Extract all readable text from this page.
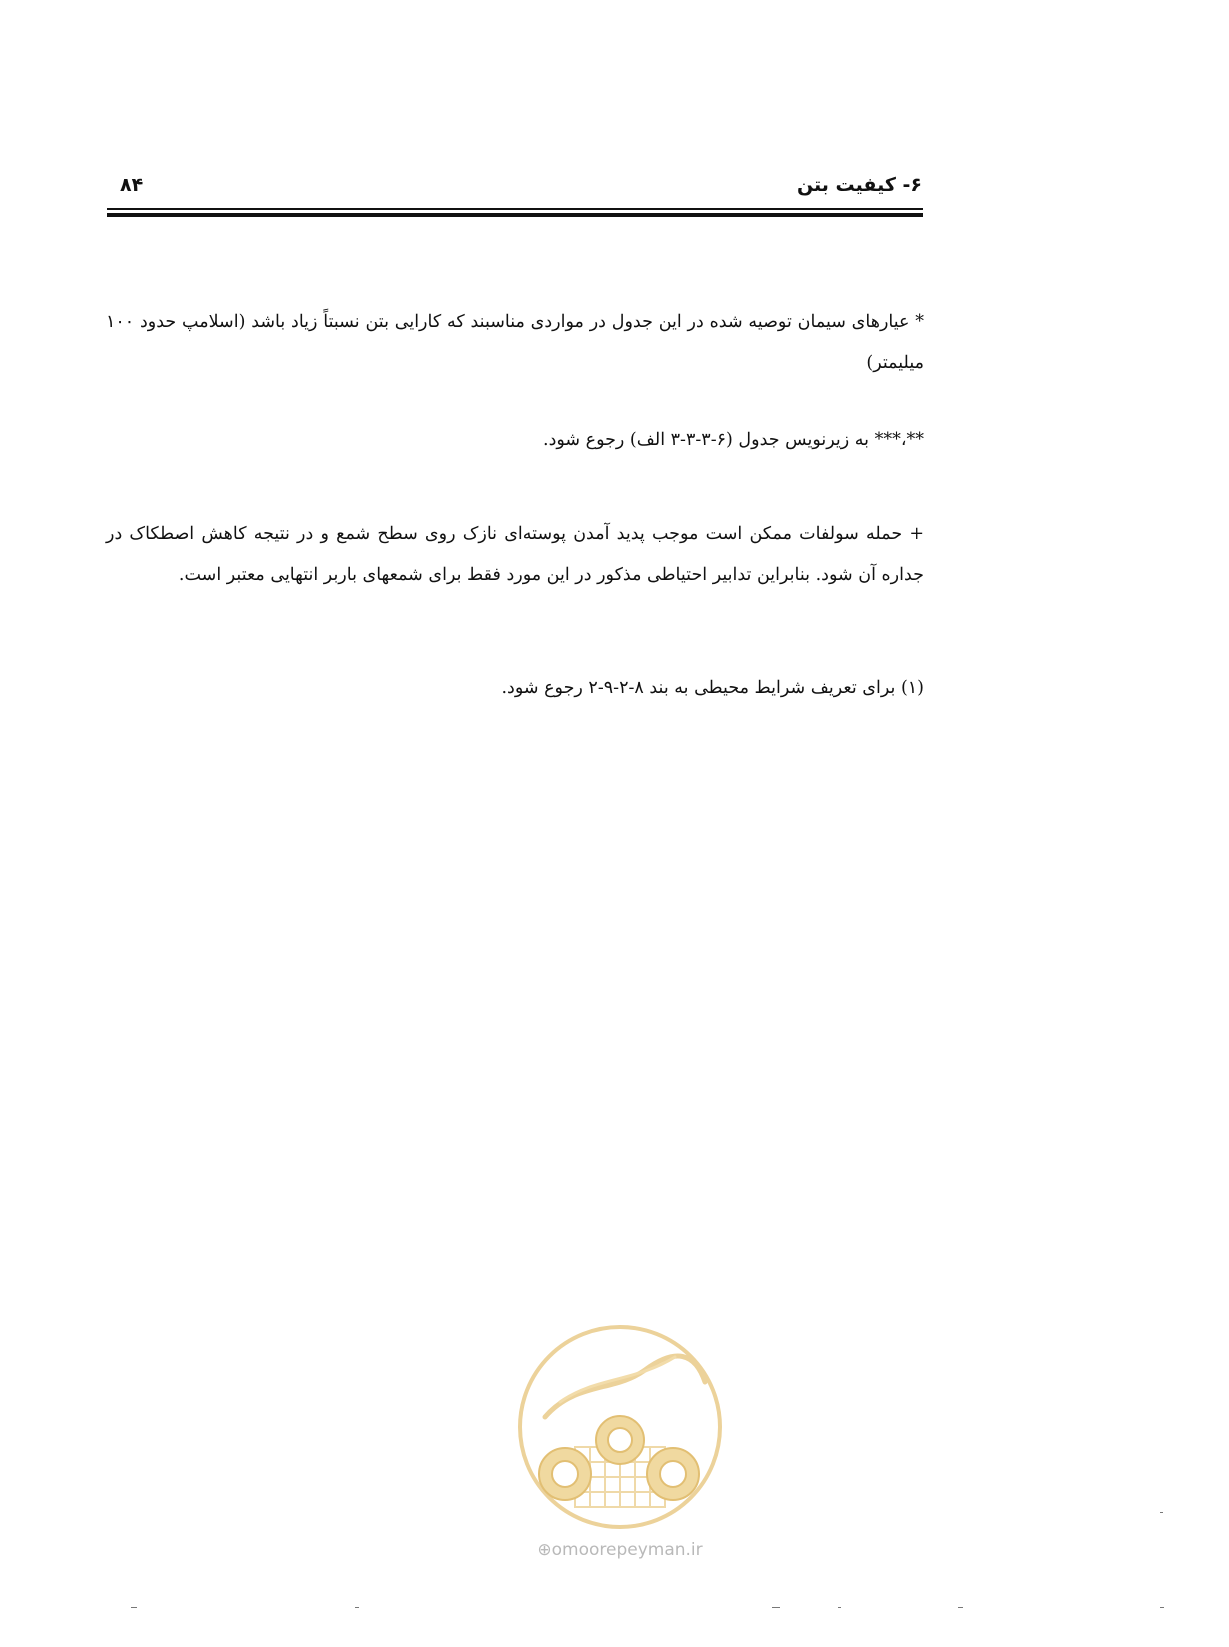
۶- کیفیت بتن
۸۴
* عیارهای سیمان توصیه شده در این جدول در مواردی مناسبند که کارایی بتن نسبتاً زیاد باشد (اسلامپ حدود ۱۰۰ میلیمتر)
**،*** به زیرنویس جدول (۶-۳-۳-۳ الف) رجوع شود.
+ حمله سولفات ممکن است موجب پدید آمدن پوسته‌ای نازک روی سطح شمع و در نتیجه کاهش اصطکاک در جداره آن شود. بنابراین تدابیر احتیاطی مذکور در این مورد فقط برای شمعهای باربر انتهایی معتبر است.
(۱) برای تعریف شرایط محیطی به بند ۸-۲-۹-۲ رجوع شود.
⊕omoorepeyman.ir
